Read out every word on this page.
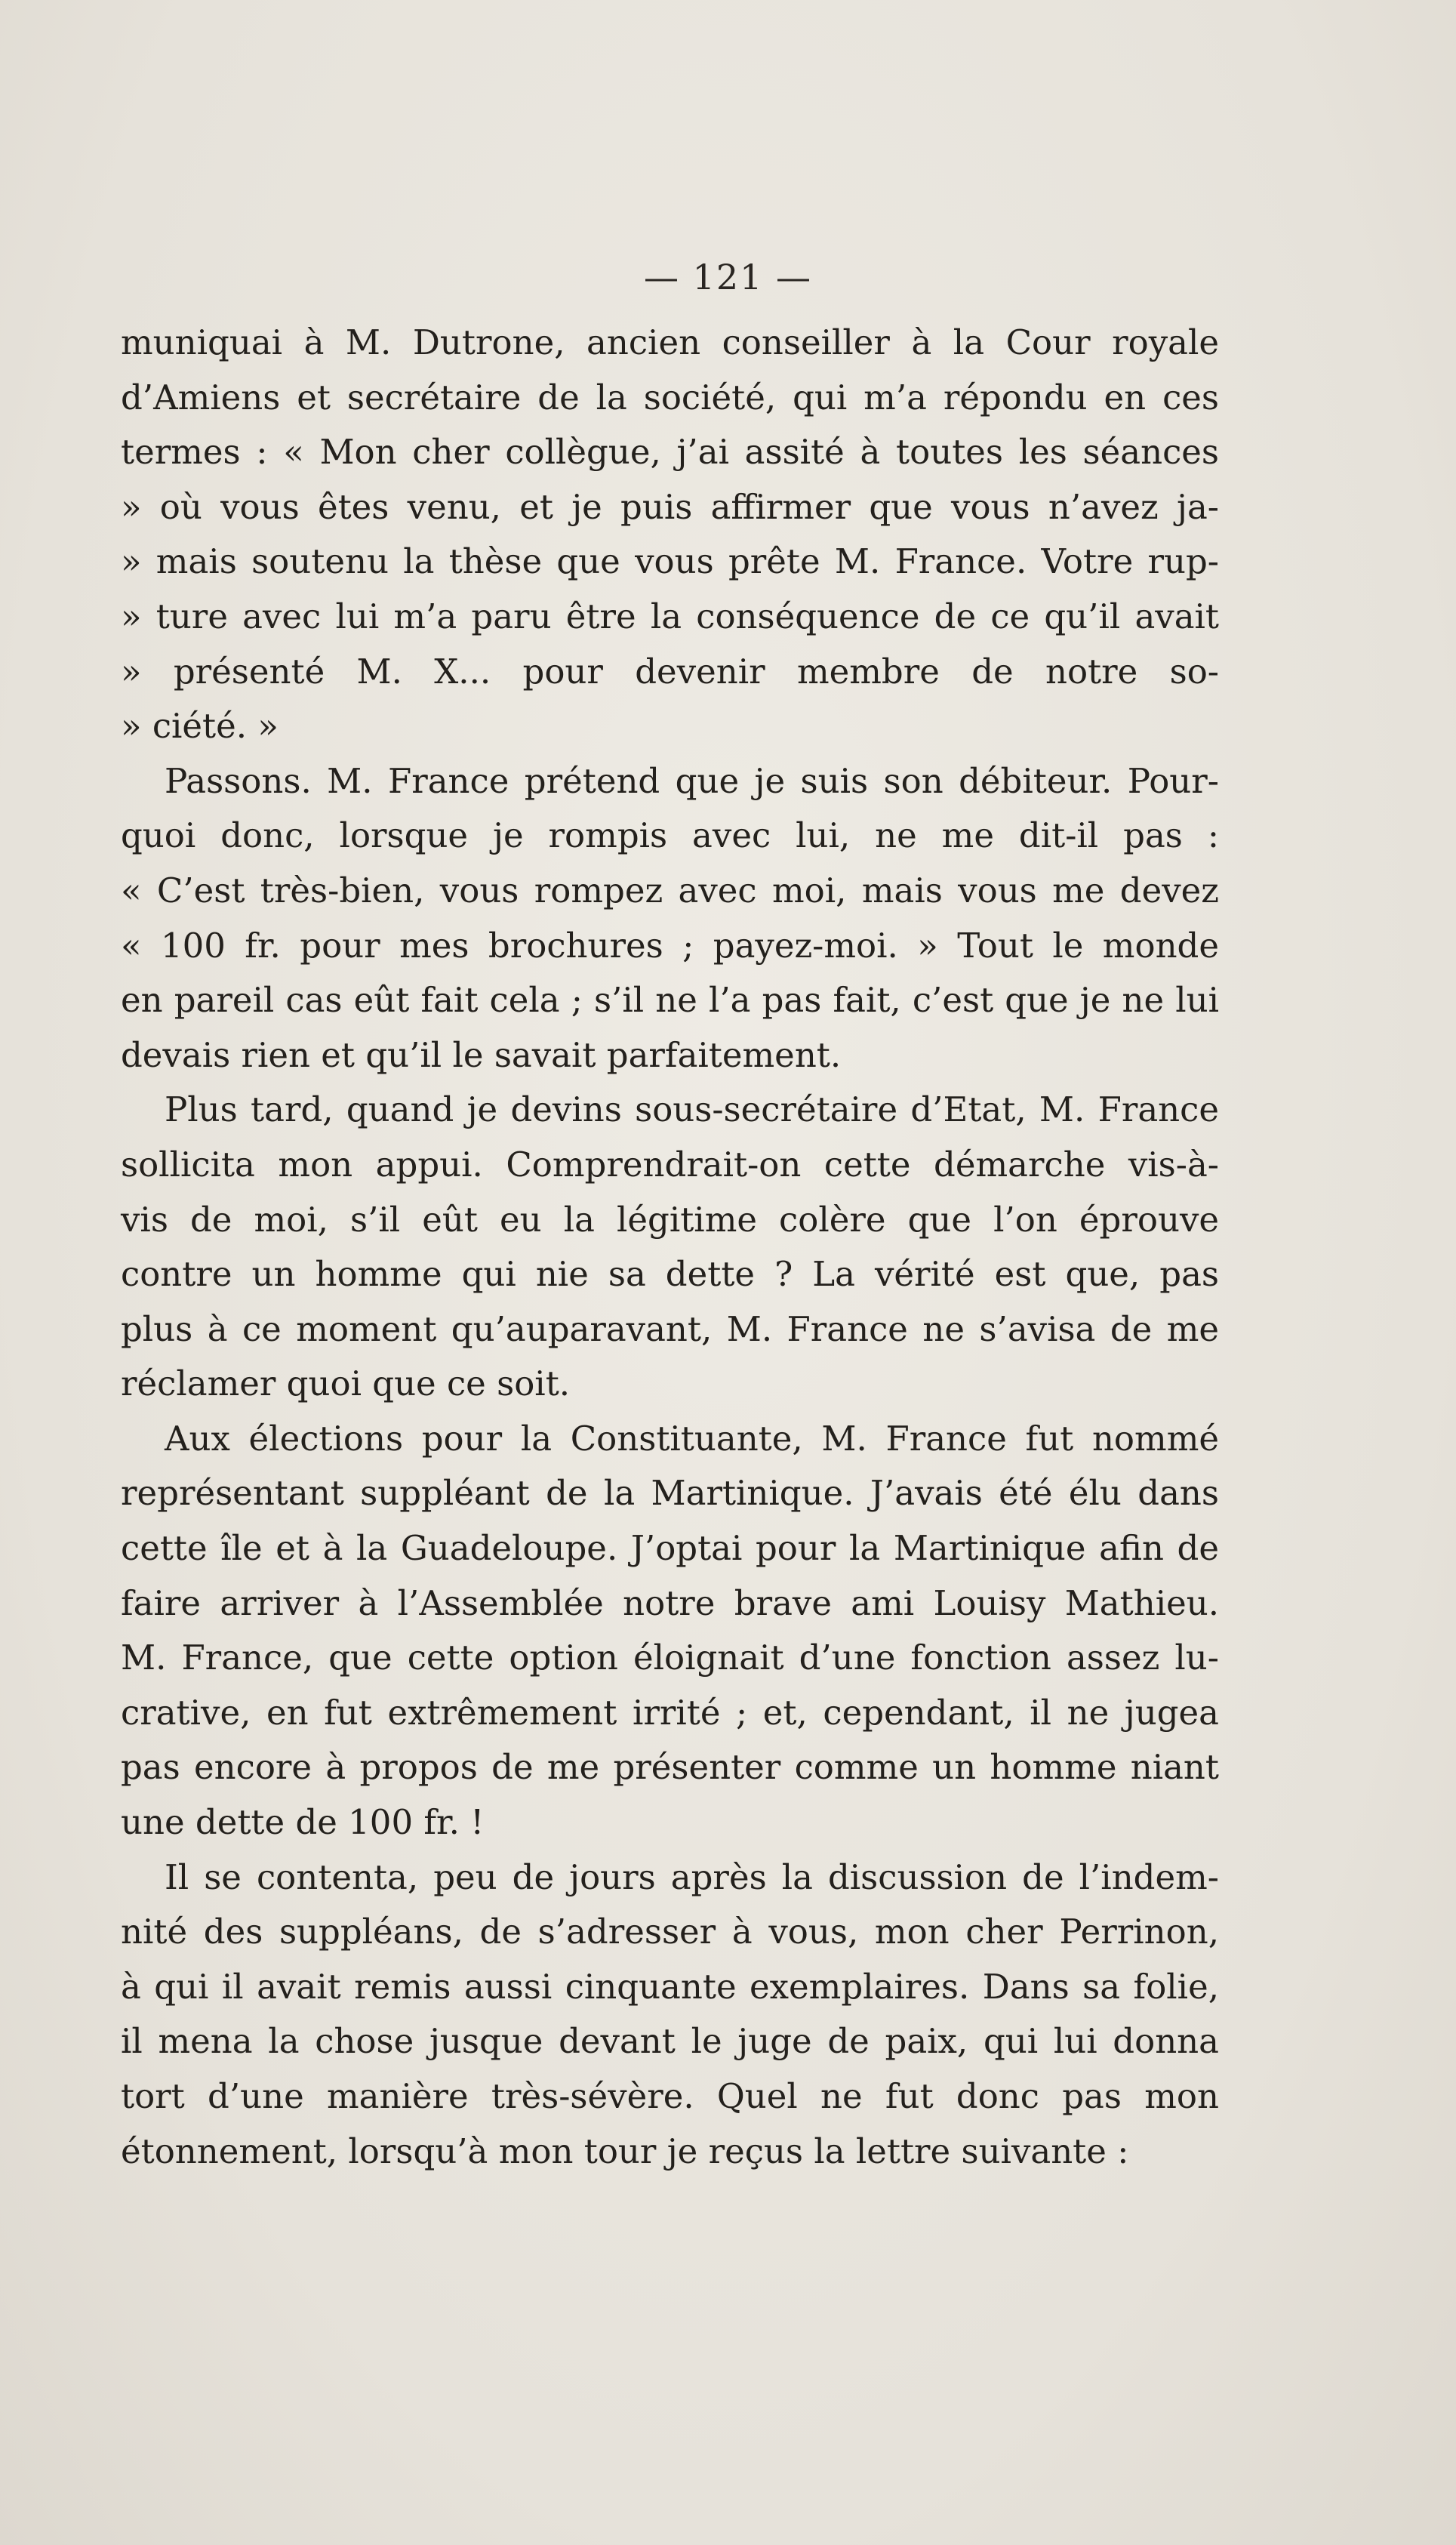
— 121 —
muniquai à M. Dutrone, ancien conseiller à la Cour royale
d’Amiens et secrétaire de la société, qui m’a répondu en ces
termes : « Mon cher collègue, j’ai assité à toutes les séances
» où vous êtes venu, et je puis affirmer que vous n’avez ja-
» mais soutenu la thèse que vous prête M. France. Votre rup-
» ture avec lui m’a paru être la conséquence de ce qu’il avait
» présenté M. X... pour devenir membre de notre so-
» ciété. »
Passons. M. France prétend que je suis son débiteur. Pour-
quoi donc, lorsque je rompis avec lui, ne me dit-il pas :
« C’est très-bien, vous rompez avec moi, mais vous me devez
« 100 fr. pour mes brochures ; payez-moi. » Tout le monde
en pareil cas eût fait cela ; s’il ne l’a pas fait, c’est que je ne lui
devais rien et qu’il le savait parfaitement.
Plus tard, quand je devins sous-secrétaire d’Etat, M. France
sollicita mon appui. Comprendrait-on cette démarche vis-à-
vis de moi, s’il eût eu la légitime colère que l’on éprouve
contre un homme qui nie sa dette ? La vérité est que, pas
plus à ce moment qu’auparavant, M. France ne s’avisa de me
réclamer quoi que ce soit.
Aux élections pour la Constituante, M. France fut nommé
représentant suppléant de la Martinique. J’avais été élu dans
cette île et à la Guadeloupe. J’optai pour la Martinique afin de
faire arriver à l’Assemblée notre brave ami Louisy Mathieu.
M. France, que cette option éloignait d’une fonction assez lu-
crative, en fut extrêmement irrité ; et, cependant, il ne jugea
pas encore à propos de me présenter comme un homme niant
une dette de 100 fr. !
Il se contenta, peu de jours après la discussion de l’indem-
nité des suppléans, de s’adresser à vous, mon cher Perrinon,
à qui il avait remis aussi cinquante exemplaires. Dans sa folie,
il mena la chose jusque devant le juge de paix, qui lui donna
tort d’une manière très-sévère. Quel ne fut donc pas mon
étonnement, lorsqu’à mon tour je reçus la lettre suivante :
